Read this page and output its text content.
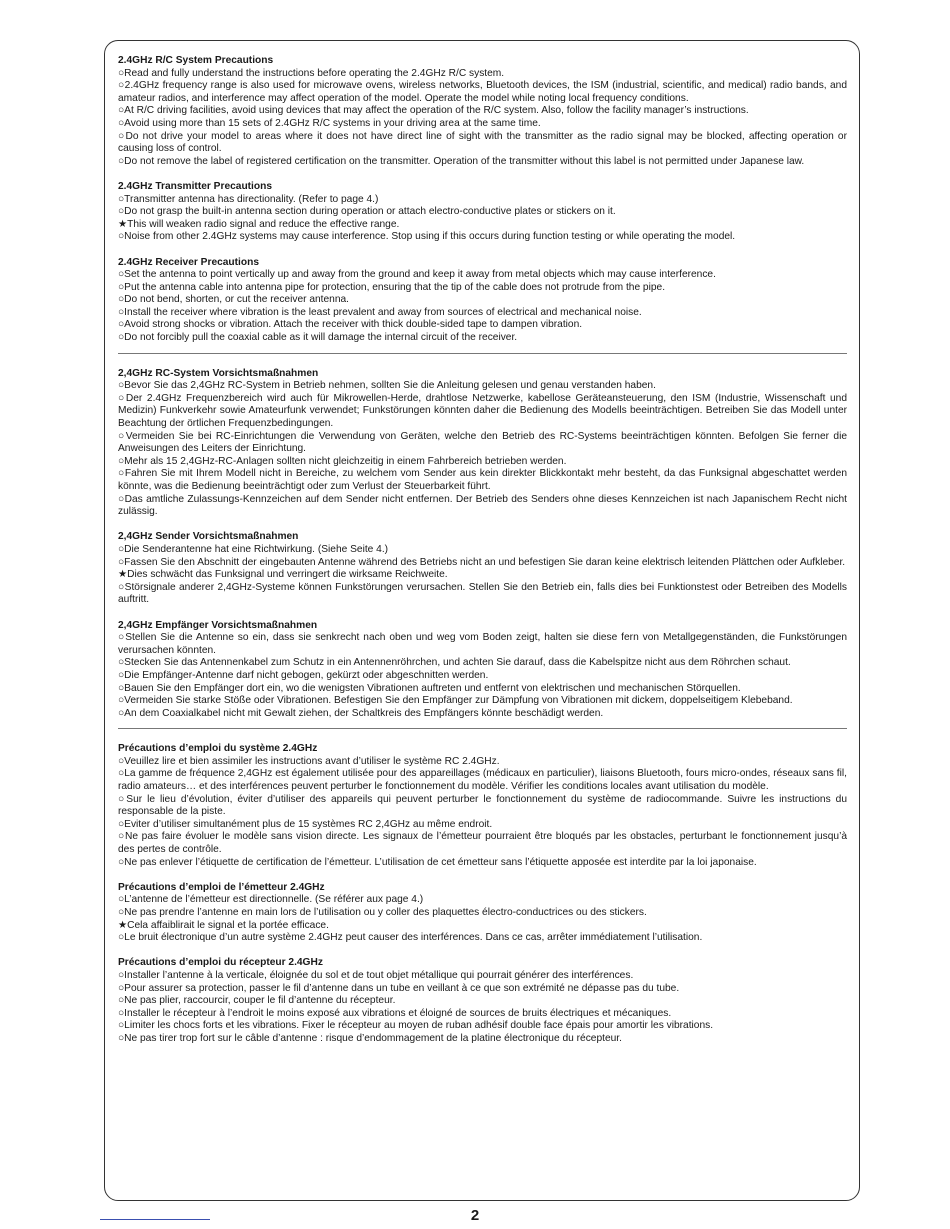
2.4GHz R/C System Precautions
○Read and fully understand the instructions before operating the 2.4GHz R/C system.
○2.4GHz frequency range is also used for microwave ovens, wireless networks, Bluetooth devices, the ISM (industrial, scientific, and medical) radio bands, and amateur radios, and interference may affect operation of the model. Operate the model while noting local frequency conditions.
○At R/C driving facilities, avoid using devices that may affect the operation of the R/C system. Also, follow the facility manager’s instructions.
○Avoid using more than 15 sets of 2.4GHz R/C systems in your driving area at the same time.
○Do not drive your model to areas where it does not have direct line of sight with the transmitter as the radio signal may be blocked, affecting operation or causing loss of control.
○Do not remove the label of registered certification on the transmitter. Operation of the transmitter without this label is not permitted under Japanese law.
2.4GHz Transmitter Precautions
○Transmitter antenna has directionality. (Refer to page 4.)
○Do not grasp the built-in antenna section during operation or attach electro-conductive plates or stickers on it.
★This will weaken radio signal and reduce the effective range.
○Noise from other 2.4GHz systems may cause interference. Stop using if this occurs during function testing or while operating the model.
2.4GHz Receiver Precautions
○Set the antenna to point vertically up and away from the ground and keep it away from metal objects which may cause interference.
○Put the antenna cable into antenna pipe for protection, ensuring that the tip of the cable does not protrude from the pipe.
○Do not bend, shorten, or cut the receiver antenna.
○Install the receiver where vibration is the least prevalent and away from sources of electrical and mechanical noise.
○Avoid strong shocks or vibration. Attach the receiver with thick double-sided tape to dampen vibration.
○Do not forcibly pull the coaxial cable as it will damage the internal circuit of the receiver.
2,4GHz RC-System Vorsichtsmaßnahmen
○Bevor Sie das 2,4GHz RC-System in Betrieb nehmen, sollten Sie die Anleitung gelesen und genau verstanden haben.
○Der 2.4GHz Frequenzbereich wird auch für Mikrowellen-Herde, drahtlose Netzwerke, kabellose Geräteansteuerung, den ISM (Industrie, Wissenschaft und Medizin) Funkverkehr sowie Amateurfunk verwendet; Funkstörungen könnten daher die Bedienung des Modells beeinträchtigen. Betreiben Sie das Modell unter Beachtung der örtlichen Frequenzbedingungen.
○Vermeiden Sie bei RC-Einrichtungen die Verwendung von Geräten, welche den Betrieb des RC-Systems beeinträchtigen könnten. Befolgen Sie ferner die Anweisungen des Leiters der Einrichtung.
○Mehr als 15 2,4GHz-RC-Anlagen sollten nicht gleichzeitig in einem Fahrbereich betrieben werden.
○Fahren Sie mit Ihrem Modell nicht in Bereiche, zu welchem vom Sender aus kein direkter Blickkontakt mehr besteht, da das Funksignal abgeschattet werden könnte, was die Bedienung beeinträchtigt oder zum Verlust der Steuerbarkeit führt.
○Das amtliche Zulassungs-Kennzeichen auf dem Sender nicht entfernen. Der Betrieb des Senders ohne dieses Kennzeichen ist nach Japanischem Recht nicht zulässig.
2,4GHz Sender Vorsichtsmaßnahmen
○Die Senderantenne hat eine Richtwirkung. (Siehe Seite 4.)
○Fassen Sie den Abschnitt der eingebauten Antenne während des Betriebs nicht an und befestigen Sie daran keine elektrisch leitenden Plättchen oder Aufkleber.
★Dies schwächt das Funksignal und verringert die wirksame Reichweite.
○Störsignale anderer 2,4GHz-Systeme können Funkstörungen verursachen. Stellen Sie den Betrieb ein, falls dies bei Funktionstest oder Betreiben des Modells auftritt.
2,4GHz Empfänger Vorsichtsmaßnahmen
○Stellen Sie die Antenne so ein, dass sie senkrecht nach oben und weg vom Boden zeigt, halten sie diese fern von Metallgegenständen, die Funkstörungen verursachen könnten.
○Stecken Sie das Antennenkabel zum Schutz in ein Antennenröhrchen, und achten Sie darauf, dass die Kabelspitze nicht aus dem Röhrchen schaut.
○Die Empfänger-Antenne darf nicht gebogen, gekürzt oder abgeschnitten werden.
○Bauen Sie den Empfänger dort ein, wo die wenigsten Vibrationen auftreten und entfernt von elektrischen und mechanischen Störquellen.
○Vermeiden Sie starke Stöße oder Vibrationen. Befestigen Sie den Empfänger zur Dämpfung von Vibrationen mit dickem, doppelseitigem Klebeband.
○An dem Coaxialkabel nicht mit Gewalt ziehen, der Schaltkreis des Empfängers könnte beschädigt werden.
Précautions d’emploi du système 2.4GHz
○Veuillez lire et bien assimiler les instructions avant d’utiliser le système RC 2.4GHz.
○La gamme de fréquence 2,4GHz est également utilisée pour des appareillages (médicaux en particulier), liaisons Bluetooth, fours micro-ondes, réseaux sans fil, radio amateurs… et des interférences peuvent perturber le fonctionnement du modèle. Vérifier les conditions locales avant utilisation du modèle.
○Sur le lieu d’évolution, éviter d’utiliser des appareils qui peuvent perturber le fonctionnement du système de radiocommande. Suivre les instructions du responsable de la piste.
○Eviter d’utiliser simultanément plus de 15 systèmes RC 2,4GHz au même endroit.
○Ne pas faire évoluer le modèle sans vision directe. Les signaux de l’émetteur pourraient être bloqués par les obstacles, perturbant le fonctionnement jusqu’à des pertes de contrôle.
○Ne pas enlever l’étiquette de certification de l’émetteur. L’utilisation de cet émetteur sans l’étiquette apposée est interdite par la loi japonaise.
Précautions d’emploi de l’émetteur 2.4GHz
○L’antenne de l’émetteur est directionnelle. (Se référer aux page 4.)
○Ne pas prendre l’antenne en main lors de l’utilisation ou y coller des plaquettes électro-conductrices ou des stickers.
★Cela affaiblirait le signal et la portée efficace.
○Le bruit électronique d’un autre système 2.4GHz peut causer des interférences. Dans ce cas, arrêter immédiatement l’utilisation.
Précautions d’emploi du récepteur 2.4GHz
○Installer l’antenne à la verticale, éloignée du sol et de tout objet métallique qui pourrait générer des interférences.
○Pour assurer sa protection, passer le fil d’antenne dans un tube en veillant à ce que son extrémité ne dépasse pas du tube.
○Ne pas plier, raccourcir, couper le fil d’antenne du récepteur.
○Installer le récepteur à l’endroit le moins exposé aux vibrations et éloigné de sources de bruits électriques et mécaniques.
○Limiter les chocs forts et les vibrations. Fixer le récepteur au moyen de ruban adhésif double face épais pour amortir les vibrations.
○Ne pas tirer trop fort sur le câble d’antenne : risque d’endommagement de la platine électronique du récepteur.
2
